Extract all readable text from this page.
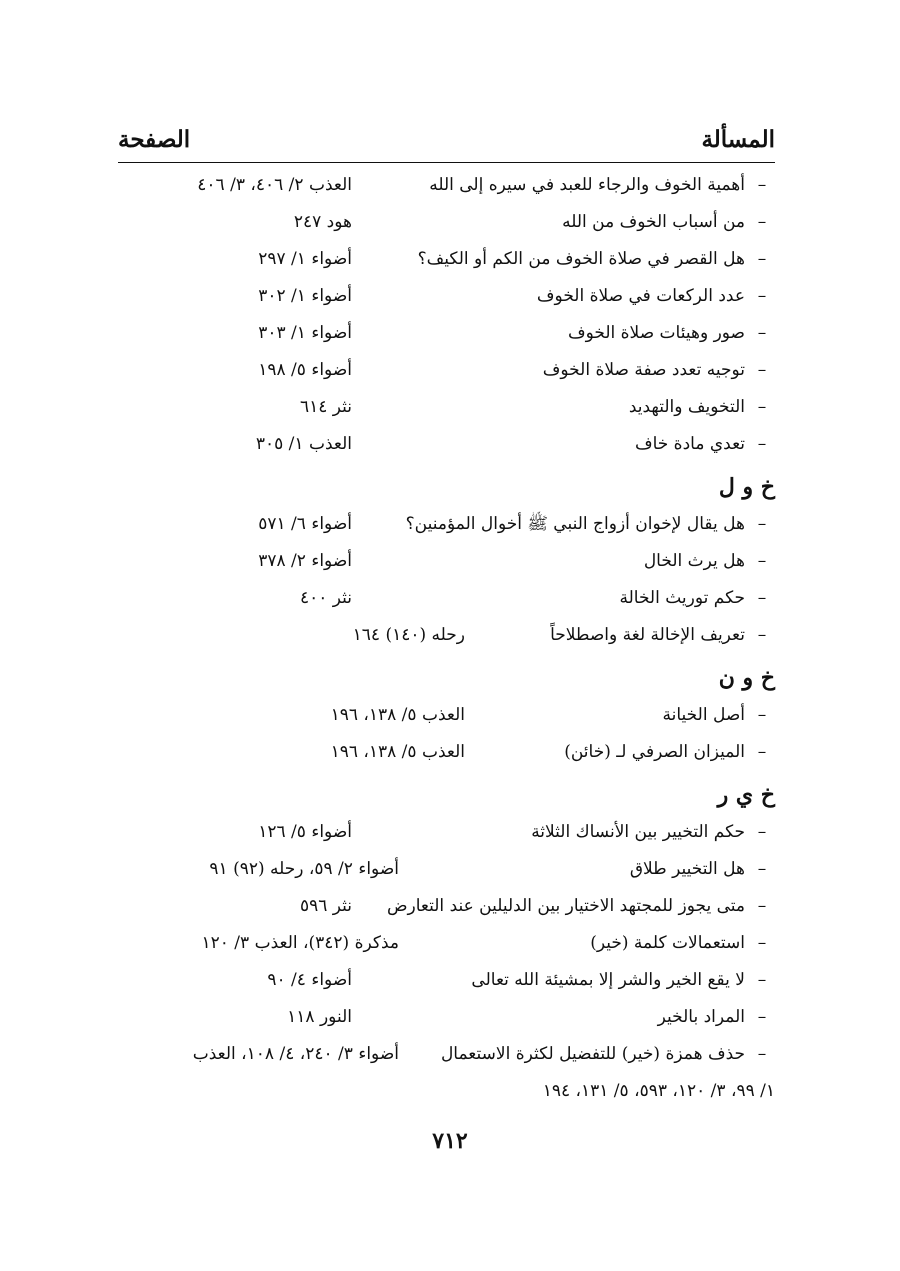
المسألة
الصفحة
–
أهمية الخوف والرجاء للعبد في سيره إلى الله
العذب ٢/ ٤٠٦، ٣/ ٤٠٦
–
من أسباب الخوف من الله
هود ٢٤٧
–
هل القصر في صلاة الخوف من الكم أو الكيف؟
أضواء ١/ ٢٩٧
–
عدد الركعات في صلاة الخوف
أضواء ١/ ٣٠٢
–
صور وهيئات صلاة الخوف
أضواء ١/ ٣٠٣
–
توجيه تعدد صفة صلاة الخوف
أضواء ٥/ ١٩٨
–
التخويف والتهديد
نثر ٦١٤
–
تعدي مادة خاف
العذب ١/ ٣٠٥
خ و ل
–
هل يقال لإخوان أزواج النبي ﷺ أخوال المؤمنين؟
أضواء ٦/ ٥٧١
–
هل يرث الخال
أضواء ٢/ ٣٧٨
–
حكم توريث الخالة
نثر ٤٠٠
–
تعريف الإخالة لغة واصطلاحاً
رحله (١٤٠) ١٦٤
خ و ن
–
أصل الخيانة
العذب ٥/ ١٣٨، ١٩٦
–
الميزان الصرفي لـ (خائن)
العذب ٥/ ١٣٨، ١٩٦
خ ي ر
–
حكم التخيير بين الأنساك الثلاثة
أضواء ٥/ ١٢٦
–
هل التخيير طلاق
أضواء ٢/ ٥٩، رحله (٩٢) ٩١
–
متى يجوز للمجتهد الاختيار بين الدليلين عند التعارض
نثر ٥٩٦
–
استعمالات كلمة (خير)
مذكرة (٣٤٢)، العذب ٣/ ١٢٠
–
لا يقع الخير والشر إلا بمشيئة الله تعالى
أضواء ٤/ ٩٠
–
المراد بالخير
النور ١١٨
–
حذف همزة (خير) للتفضيل لكثرة الاستعمال
أضواء ٣/ ٢٤٠، ٤/ ١٠٨، العذب
١/ ٩٩، ٣/ ١٢٠، ٥٩٣، ٥/ ١٣١، ١٩٤
٧١٢
